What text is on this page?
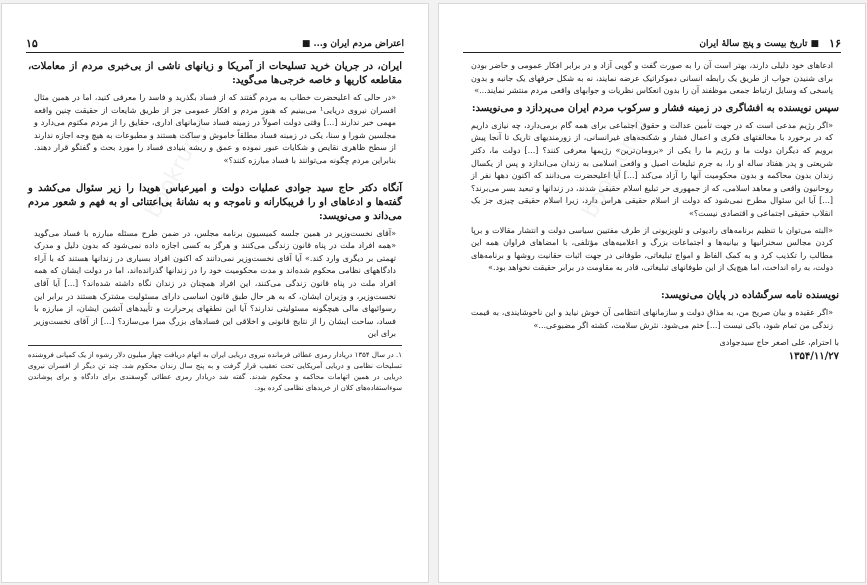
bookrun.ir
اعتراض مردم ایران و... ■
۱۵

ایران، در جریان خرید تسلیحات از آمریکا و زیانهای ناشی از بی‌خبری مردم از معاملات، مقاطعه کاریها و خاصه خرجی‌ها می‌گوید:

«در حالی که اعلیحضرت خطاب به مردم گفتند که از فساد بگذرید و فاسد را معرفی کنید، اما در همین مثال افسران نیروی دریایی¹ می‌بینیم که هنوز مردم و افکار عمومی جز از طریق شایعات از حقیقت چنین واقعه مهمی خبر ندارند [...] وقتی دولت اصولاً در زمینه فساد سازمانهای اداری، حقایق را از مردم مکتوم می‌دارد و مجلسین شورا و سنا، یکی در زمینه فساد مطلقاً خاموش و ساکت هستند و مطبوعات به هیچ وجه اجازه ندارند از سطح ظاهری نقایص و شکایات عبور نموده و عمق و ریشه بنیادی فساد را مورد بحث و گفتگو قرار دهند. بنابراین مردم چگونه می‌توانند با فساد مبارزه کنند؟»

آنگاه دکتر حاج سید جوادی عملیات دولت و امیرعباس هویدا را زیر سئوال می‌کشد و گفته‌ها و ادعاهای او را فریبکارانه و ناموجه و به نشانهٔ بی‌اعتنائی او به فهم و شعور مردم می‌داند و می‌نویسد:

«آقای نخست‌وزیر در همین جلسه کمیسیون برنامه مجلس، در ضمن طرح مسئله مبارزه با فساد می‌گوید «همه افراد ملت در پناه قانون زندگی می‌کنند و هرگز به کسی اجازه داده نمی‌شود که بدون دلیل و مدرک تهمتی بر دیگری وارد کند.» آیا آقای نخست‌وزیر نمی‌دانند که اکنون افراد بسیاری در زندانها هستند که با آراء دادگاههای نظامی محکوم شده‌اند و مدت محکومیت خود را در زندانها گذرانده‌اند، اما در دولت ایشان که همه افراد ملت در پناه قانون زندگی می‌کنند، این افراد همچنان در زندان نگاه داشته شده‌اند؟ [...] آیا آقای نخست‌وزیر، و وزیران ایشان، که به هر حال طبق قانون اساسی دارای مسئولیت مشترک هستند در برابر این رسوائیهای مالی هیچگونه مسئولیتی ندارند؟ آیا این نطقهای پرحرارت و تأییدهای آتشین ایشان، از مبارزه با فساد، ساحت ایشان را از نتایج قانونی و اخلاقی این فسادهای بزرگ مبرا می‌سازد؟ [...] از آقای نخست‌وزیر برای این

۱. در سال ۱۳۵۴ دریادار رمزی عطائی فرمانده نیروی دریایی ایران به اتهام دریافت چهار میلیون دلار رشوه از یک کمپانی فروشنده تسلیحات نظامی و دریایی آمریکایی تحت تعقیب قرار گرفت و به پنج سال زندان محکوم شد. چند تن دیگر از افسران نیروی دریایی در همین اتهامات محاکمه و محکوم شدند. گفته شد دریادار رمزی عطائی گوسفندی برای دادگاه و برای پوشاندن سوءاستفاده‌های کلان از خریدهای نظامی کرده بود.

bookrun.ir
۱۶
■ تاریخ بیست و پنج سالهٔ ایران

ادعاهای خود دلیلی دارند، بهتر است آن را به صورت گفت و گویی آزاد و در برابر افکار عمومی و حاضر بودن برای شنیدن جواب از طریق یک رابطه انسانی دموکراتیک عرضه نمایند، نه به شکل حرفهای یک جانبه و بدون پاسخی که وسایل ارتباط جمعی موظفند آن را بدون انعکاس نظریات و جوابهای واقعی مردم منتشر نمایند...»

سپس نویسنده به افشاگری در زمینه فشار و سرکوب مردم ایران می‌پردازد و می‌نویسد:

«اگر رژیم مدعی است که در جهت تأمین عدالت و حقوق اجتماعی برای همه گام برمی‌دارد، چه نیازی داریم که در برخورد با مخالفتهای فکری و اعمال فشار و شکنجه‌های غیرانسانی، از زورمندیهای تاریک تا آنجا پیش برویم که دیگران دولت ما و رژیم ما را یکی از «برومان‌ترین» رژیمها معرفی کنند؟ [...] دولت ما، دکتر شریعتی و پدر هفتاد ساله او را، به جرم تبلیغات اصیل و واقعی اسلامی به زندان می‌اندازد و پس از یکسال زندان بدون محاکمه و بدون محکومیت آنها را آزاد می‌کند [...] آیا اعلیحضرت می‌دانند که اکنون دهها نفر از روحانیون واقعی و معاهد اسلامی، که از جمهوری حر تبلیغ اسلام حقیقی شدند، در زندانها و تبعید بسر می‌برند؟ [...] آیا این سئوال مطرح نمی‌شود که دولت از اسلام حقیقی هراس دارد، زیرا اسلام حقیقی چیزی جز یک انقلاب حقیقی اجتماعی و اقتصادی نیست؟»

«البته می‌توان با تنظیم برنامه‌های رادیوئی و تلویزیونی از طرف مفتیین سیاسی دولت و انتشار مقالات و برپا کردن مجالس سخنرانیها و بیانیه‌ها و اجتماعات بزرگ و اعلامیه‌های مؤتلفی، با امضاهای فراوان همه این مطالب را تکذیب کرد و به کمک الفاظ و امواج تبلیغاتی، طوفانی در جهت اثبات حقانیت روشها و برنامه‌های دولت، به راه انداخت، اما هیچ‌یک از این طوفانهای تبلیغاتی، قادر به مقاومت در برابر حقیقت نخواهد بود.»

نویسنده نامه سرگشاده در پایان می‌نویسد:

«اگر عقیده و بیان صریح من، به مذاق دولت و سازمانهای انتظامی آن خوش نیاید و این ناخوشایندی، به قیمت زندگی من تمام شود، باکی نیست [...] ختم می‌شود. نثرش سلامت، کشته اگر مضبوعی...»

با احترام، علی اصغر حاج سید‌جوادی
۱۳۵۴/۱۱/۲۷
